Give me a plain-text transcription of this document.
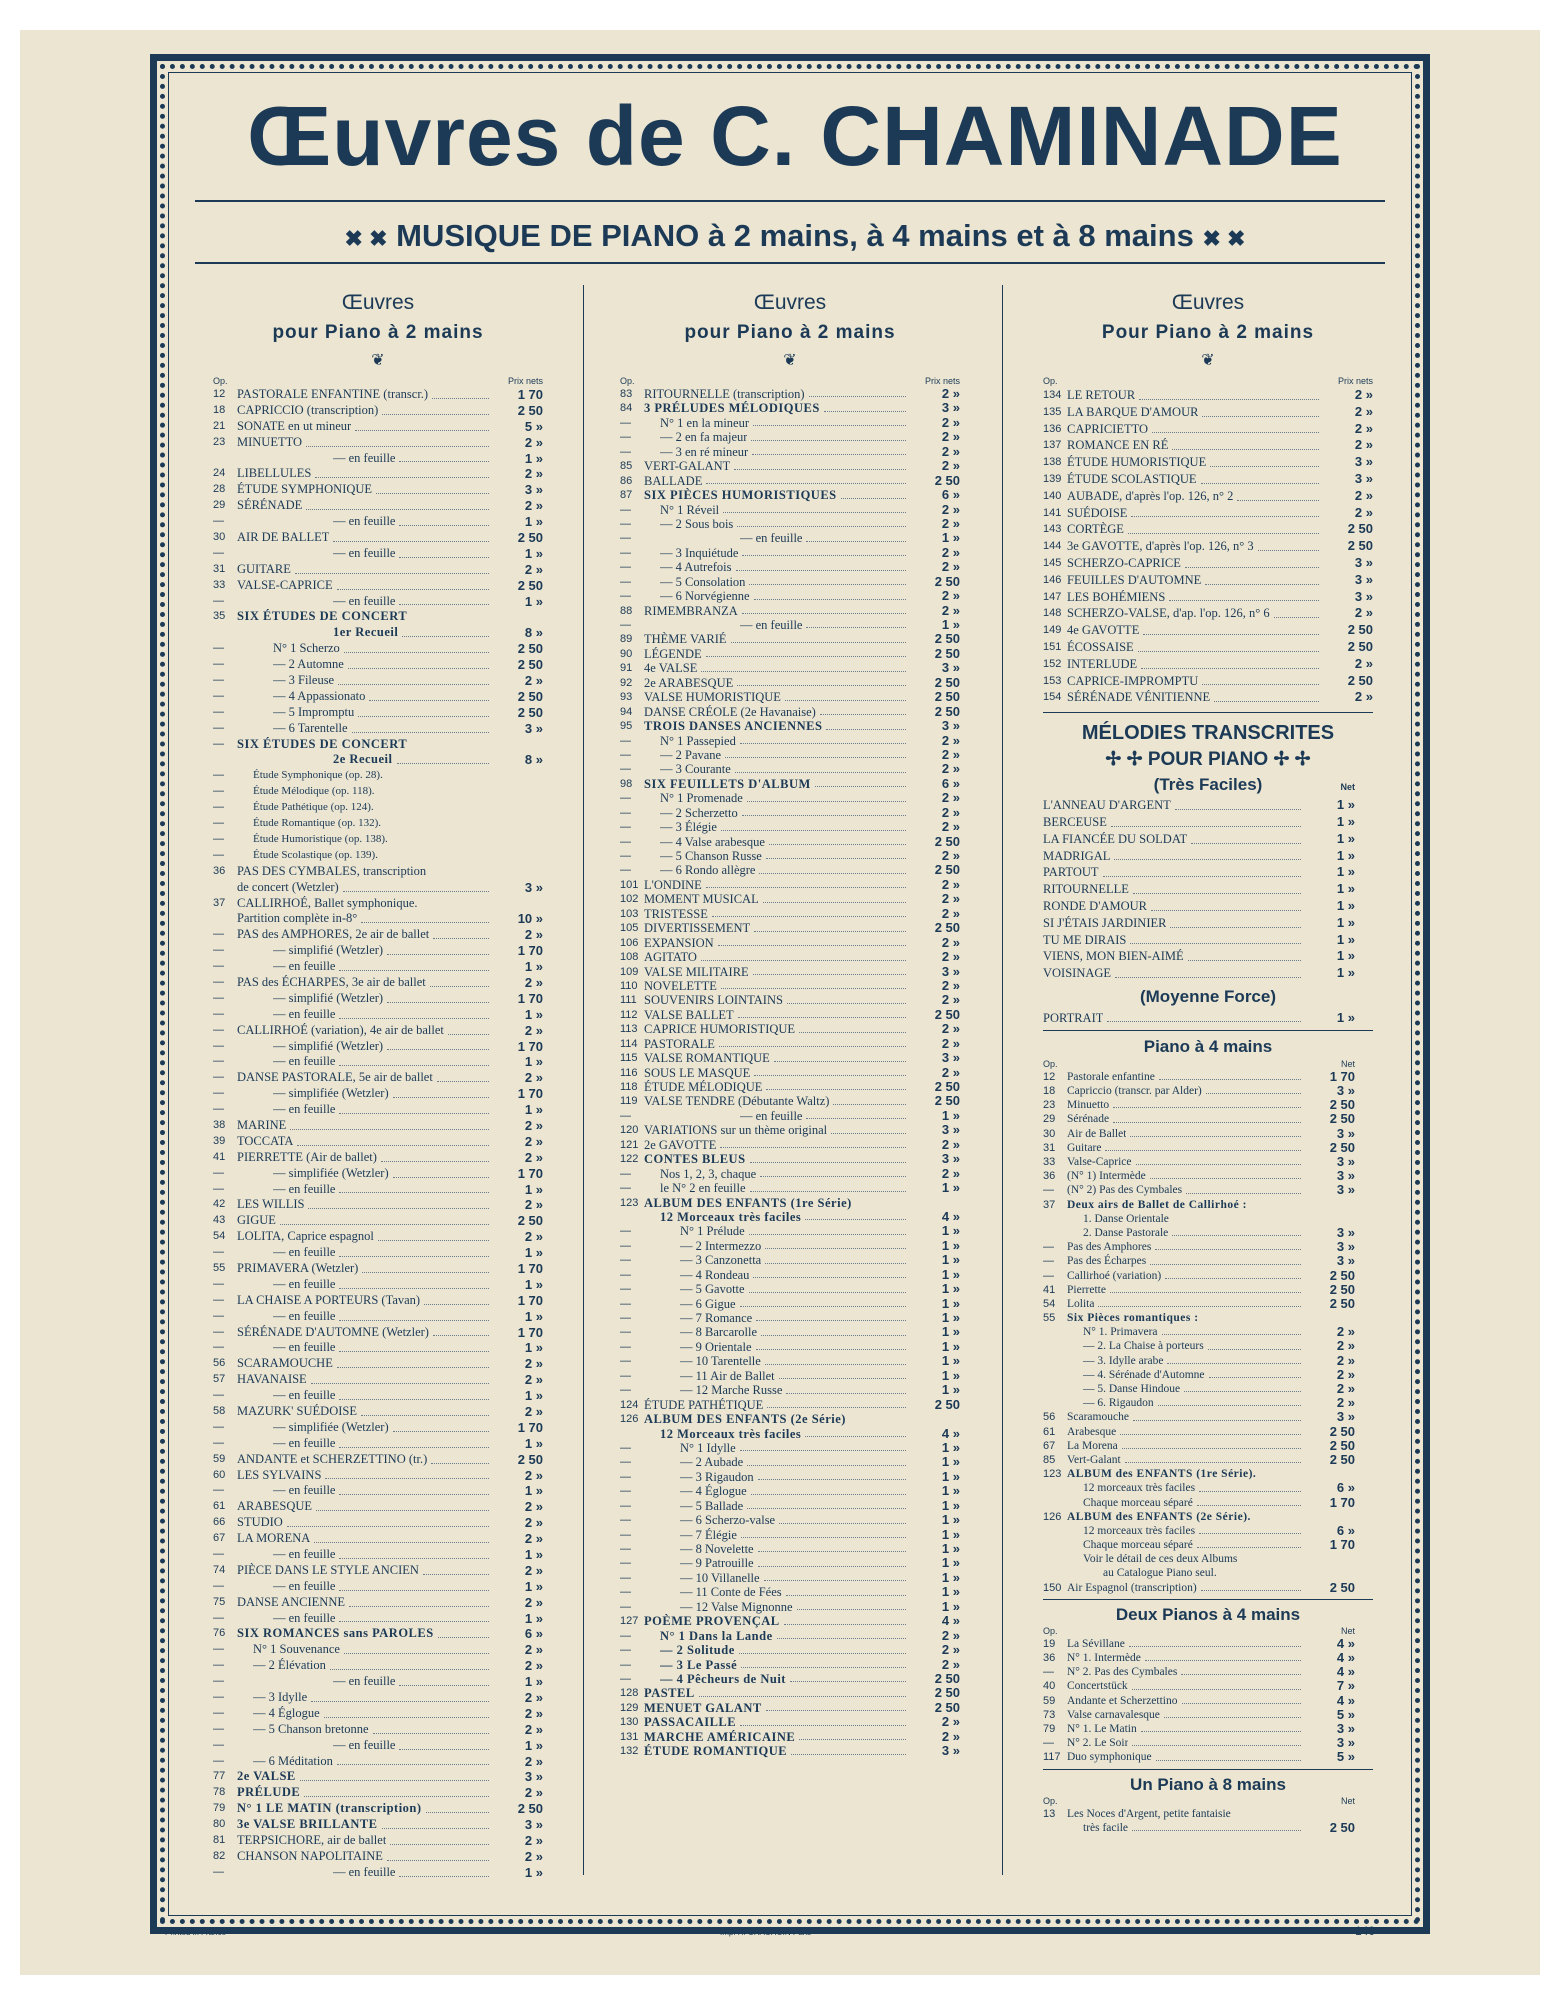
Œuvres de C. CHAMINADE
✖ ✖ MUSIQUE DE PIANO à 2 mains, à 4 mains et à 8 mains ✖ ✖
Œuvres
pour Piano à 2 mains
❦
Op.	Prix nets
12 PASTORALE ENFANTINE (transcr.)	1 70
18 CAPRICCIO (transcription)	2 50
21 SONATE en ut mineur	5 »
23 MINUETTO	2 »
— en feuille	1 »
24 LIBELLULES	2 »
28 ÉTUDE SYMPHONIQUE	3 »
29 SÉRÉNADE	2 »
—	— en feuille	1 »
30 AIR DE BALLET	2 50
—	— en feuille	1 »
31 GUITARE	2 »
33 VALSE-CAPRICE	2 50
—	— en feuille	1 »
35 SIX ÉTUDES DE CONCERT
1er Recueil	8 »
—	N° 1 Scherzo	2 50
—	— 2 Automne	2 50
—	— 3 Fileuse	2 »
—	— 4 Appassionato	2 50
—	— 5 Impromptu	2 50
—	— 6 Tarentelle	3 »
—	SIX ÉTUDES DE CONCERT
2e Recueil	8 »
—	Étude Symphonique (op. 28).
—	Étude Mélodique (op. 118).
—	Étude Pathétique (op. 124).
—	Étude Romantique (op. 132).
—	Étude Humoristique (op. 138).
—	Étude Scolastique (op. 139).
36 PAS DES CYMBALES, transcription
de concert (Wetzler)	3 »
37 CALLIRHOÉ, Ballet symphonique.
Partition complète in-8°	10 »
—	PAS des AMPHORES, 2e air de ballet	2 »
—	— simplifié (Wetzler)	1 70
—	— en feuille	1 »
—	PAS des ÉCHARPES, 3e air de ballet	2 »
—	— simplifié (Wetzler)	1 70
—	— en feuille	1 »
—	CALLIRHOÉ (variation), 4e air de ballet	2 »
—	— simplifié (Wetzler)	1 70
—	— en feuille	1 »
—	DANSE PASTORALE, 5e air de ballet	2 »
—	— simplifiée (Wetzler)	1 70
—	— en feuille	1 »
38 MARINE	2 »
39 TOCCATA	2 »
41 PIERRETTE (Air de ballet)	2 »
—	— simplifiée (Wetzler)	1 70
—	— en feuille	1 »
42 LES WILLIS	2 »
43 GIGUE	2 50
54 LOLITA, Caprice espagnol	2 »
—	— en feuille	1 »
55 PRIMAVERA (Wetzler)	1 70
—	— en feuille	1 »
—	LA CHAISE A PORTEURS (Tavan)	1 70
—	— en feuille	1 »
—	SÉRÉNADE D'AUTOMNE (Wetzler)	1 70
—	— en feuille	1 »
56 SCARAMOUCHE	2 »
57 HAVANAISE	2 »
—	— en feuille	1 »
58 MAZURK' SUÉDOISE	2 »
—	— simplifiée (Wetzler)	1 70
—	— en feuille	1 »
59 ANDANTE et SCHERZETTINO (tr.)	2 50
60 LES SYLVAINS	2 »
—	— en feuille	1 »
61 ARABESQUE	2 »
66 STUDIO	2 »
67 LA MORENA	2 »
—	— en feuille	1 »
74 PIÈCE DANS LE STYLE ANCIEN	2 »
—	— en feuille	1 »
75 DANSE ANCIENNE	2 »
—	— en feuille	1 »
76 SIX ROMANCES sans PAROLES	6 »
—	N° 1 Souvenance	2 »
—	— 2 Élévation	2 »
—	— en feuille	1 »
—	— 3 Idylle	2 »
—	— 4 Églogue	2 »
—	— 5 Chanson bretonne	2 »
—	— en feuille	1 »
—	— 6 Méditation	2 »
77 2e VALSE	3 »
78 PRÉLUDE	2 »
79 N° 1 LE MATIN (transcription)	2 50
80 3e VALSE BRILLANTE	3 »
81 TERPSICHORE, air de ballet	2 »
82 CHANSON NAPOLITAINE	2 »
—	— en feuille	1 »
Œuvres
pour Piano à 2 mains
❦
Op.	Prix nets
83 RITOURNELLE (transcription)	2 »
84 3 PRÉLUDES MÉLODIQUES	3 »
—	N° 1 en la mineur	2 »
—	— 2 en fa majeur	2 »
—	— 3 en ré mineur	2 »
85 VERT-GALANT	2 »
86 BALLADE	2 50
87 SIX PIÈCES HUMORISTIQUES	6 »
—	N° 1 Réveil	2 »
—	— 2 Sous bois	2 »
—	— en feuille	1 »
—	— 3 Inquiétude	2 »
—	— 4 Autrefois	2 »
—	— 5 Consolation	2 50
—	— 6 Norvégienne	2 »
88 RIMEMBRANZA	2 »
—	— en feuille	1 »
89 THÈME VARIÉ	2 50
90 LÉGENDE	2 50
91 4e VALSE	3 »
92 2e ARABESQUE	2 50
93 VALSE HUMORISTIQUE	2 50
94 DANSE CRÉOLE (2e Havanaise)	2 50
95 TROIS DANSES ANCIENNES	3 »
—	N° 1 Passepied	2 »
—	— 2 Pavane	2 »
—	— 3 Courante	2 »
98 SIX FEUILLETS D'ALBUM	6 »
—	N° 1 Promenade	2 »
—	— 2 Scherzetto	2 »
—	— 3 Élégie	2 »
—	— 4 Valse arabesque	2 50
—	— 5 Chanson Russe	2 »
—	— 6 Rondo allègre	2 50
101 L'ONDINE	2 »
102 MOMENT MUSICAL	2 »
103 TRISTESSE	2 »
105 DIVERTISSEMENT	2 50
106 EXPANSION	2 »
108 AGITATO	2 »
109 VALSE MILITAIRE	3 »
110 NOVELETTE	2 »
111 SOUVENIRS LOINTAINS	2 »
112 VALSE BALLET	2 50
113 CAPRICE HUMORISTIQUE	2 »
114 PASTORALE	2 »
115 VALSE ROMANTIQUE	3 »
116 SOUS LE MASQUE	2 »
118 ÉTUDE MÉLODIQUE	2 50
119 VALSE TENDRE (Débutante Waltz)	2 50
—	— en feuille	1 »
120 VARIATIONS sur un thème original	3 »
121 2e GAVOTTE	2 »
122 CONTES BLEUS	3 »
—	Nos 1, 2, 3, chaque	2 »
—	le N° 2 en feuille	1 »
123 ALBUM DES ENFANTS (1re Série)
12 Morceaux très faciles	4 »
—	N° 1 Prélude	1 »
—	— 2 Intermezzo	1 »
—	— 3 Canzonetta	1 »
—	— 4 Rondeau	1 »
—	— 5 Gavotte	1 »
—	— 6 Gigue	1 »
—	— 7 Romance	1 »
—	— 8 Barcarolle	1 »
—	— 9 Orientale	1 »
—	— 10 Tarentelle	1 »
—	— 11 Air de Ballet	1 »
—	— 12 Marche Russe	1 »
124 ÉTUDE PATHÉTIQUE	2 50
126 ALBUM DES ENFANTS (2e Série)
12 Morceaux très faciles	4 »
—	N° 1 Idylle	1 »
—	— 2 Aubade	1 »
—	— 3 Rigaudon	1 »
—	— 4 Églogue	1 »
—	— 5 Ballade	1 »
—	— 6 Scherzo-valse	1 »
—	— 7 Élégie	1 »
—	— 8 Novelette	1 »
—	— 9 Patrouille	1 »
—	— 10 Villanelle	1 »
—	— 11 Conte de Fées	1 »
—	— 12 Valse Mignonne	1 »
127 POÈME PROVENÇAL	4 »
—	N° 1 Dans la Lande	2 »
—	— 2 Solitude	2 »
—	— 3 Le Passé	2 »
—	— 4 Pêcheurs de Nuit	2 50
128 PASTEL	2 50
129 MENUET GALANT	2 50
130 PASSACAILLE	2 »
131 MARCHE AMÉRICAINE	2 »
132 ÉTUDE ROMANTIQUE	3 »
Œuvres
Pour Piano à 2 mains
❦
Op.	Prix nets
134 LE RETOUR	2 »
135 LA BARQUE D'AMOUR	2 »
136 CAPRICIETTO	2 »
137 ROMANCE EN RÉ	2 »
138 ÉTUDE HUMORISTIQUE	3 »
139 ÉTUDE SCOLASTIQUE	3 »
140 AUBADE, d'après l'op. 126, n° 2	2 »
141 SUÉDOISE	2 »
143 CORTÈGE	2 50
144 3e GAVOTTE, d'après l'op. 126, n° 3	2 50
145 SCHERZO-CAPRICE	3 »
146 FEUILLES D'AUTOMNE	3 »
147 LES BOHÉMIENS	3 »
148 SCHERZO-VALSE, d'ap. l'op. 126, n° 6	2 »
149 4e GAVOTTE	2 50
151 ÉCOSSAISE	2 50
152 INTERLUDE	2 »
153 CAPRICE-IMPROMPTU	2 50
154 SÉRÉNADE VÉNITIENNE	2 »
MÉLODIES TRANSCRITES
✢ ✢ POUR PIANO ✢ ✢
(Très Faciles)	Net
L'ANNEAU D'ARGENT	1 »
BERCEUSE	1 »
LA FIANCÉE DU SOLDAT	1 »
MADRIGAL	1 »
PARTOUT	1 »
RITOURNELLE	1 »
RONDE D'AMOUR	1 »
SI J'ÉTAIS JARDINIER	1 »
TU ME DIRAIS	1 »
VIENS, MON BIEN-AIMÉ	1 »
VOISINAGE	1 »
(Moyenne Force)
PORTRAIT	1 »
Piano à 4 mains
Op.	Net
12	Pastorale enfantine	1 70
18	Capriccio (transcr. par Alder)	3 »
23	Minuetto	2 50
29	Sérénade	2 50
30	Air de Ballet	3 »
31	Guitare	2 50
33	Valse-Caprice	3 »
36	(N° 1) Intermède	3 »
—	(N° 2) Pas des Cymbales	3 »
37	Deux airs de Ballet de Callirhoé :
1. Danse Orientale
2. Danse Pastorale	3 »
—	Pas des Amphores	3 »
—	Pas des Écharpes	3 »
—	Callirhoé (variation)	2 50
41	Pierrette	2 50
54	Lolita	2 50
55	Six Pièces romantiques :
N° 1. Primavera	2 »
— 2. La Chaise à porteurs	2 »
— 3. Idylle arabe	2 »
— 4. Sérénade d'Automne	2 »
— 5. Danse Hindoue	2 »
— 6. Rigaudon	2 »
56	Scaramouche	3 »
61	Arabesque	2 50
67	La Morena	2 50
85	Vert-Galant	2 50
123 ALBUM des ENFANTS (1re Série).
12 morceaux très faciles	6 »
Chaque morceau séparé	1 70
126 ALBUM des ENFANTS (2e Série).
12 morceaux très faciles	6 »
Chaque morceau séparé	1 70
Voir le détail de ces deux Albums
au Catalogue Piano seul.
150 Air Espagnol (transcription)	2 50
Deux Pianos à 4 mains
Op.	Net
19	La Sévillane	4 »
36	N° 1. Intermède	4 »
—	N° 2. Pas des Cymbales	4 »
40	Concertstück	7 »
59	Andante et Scherzettino	4 »
73	Valse carnavalesque	5 »
79	N° 1. Le Matin	3 »
—	N° 2. Le Soir	3 »
117 Duo symphonique	5 »
Un Piano à 8 mains
Op.	Net
13	Les Noces d'Argent, petite fantaisie
très facile	2 50
Printed in France	Imp. H. CHACHOIN Paris	140
